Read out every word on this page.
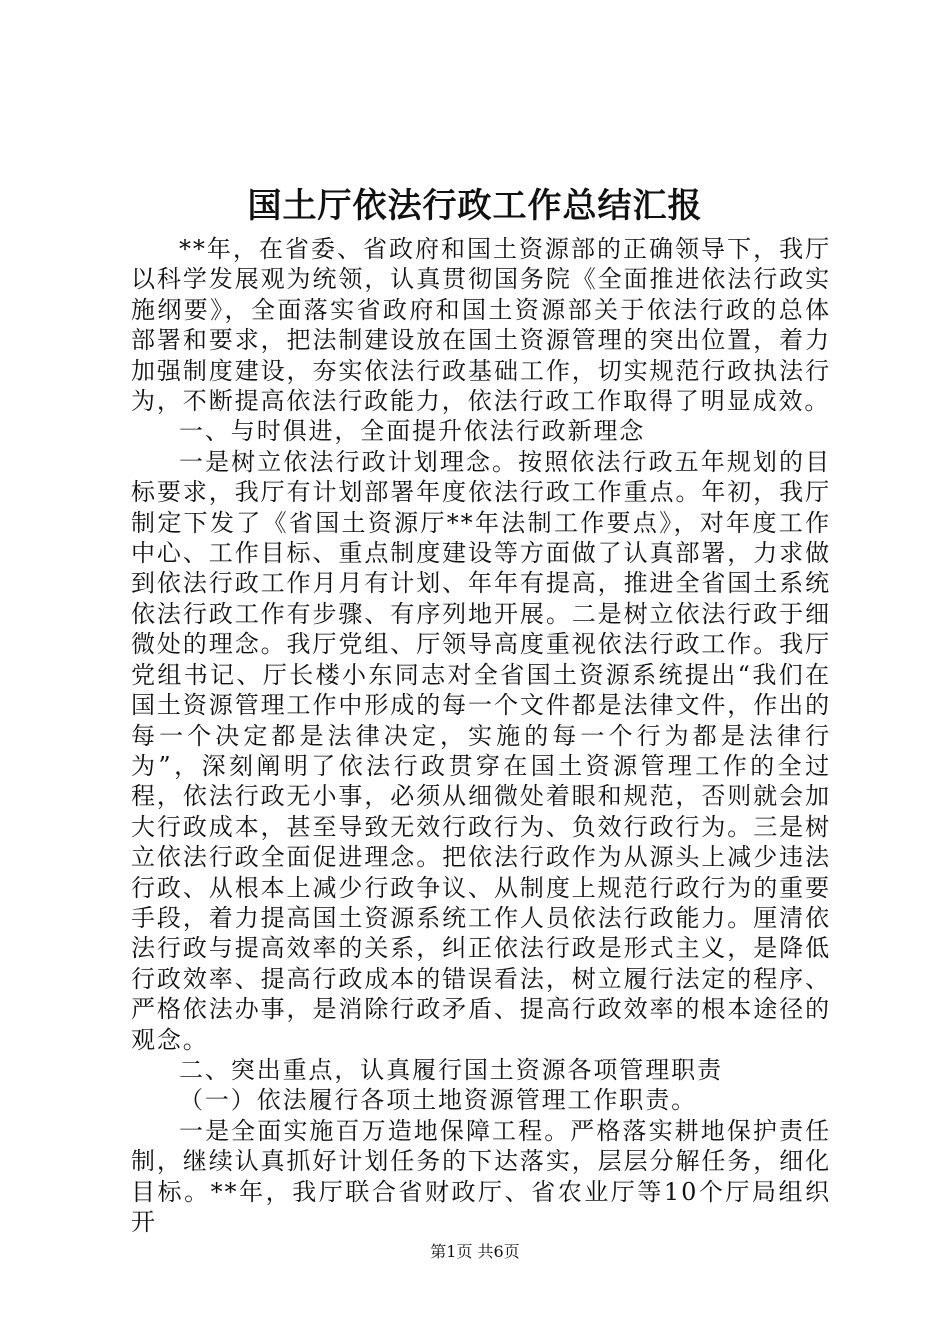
国土厅依法行政工作总结汇报

**年，在省委、省政府和国土资源部的正确领导下，我厅以科学发展观为统领，认真贯彻国务院《全面推进依法行政实施纲要》，全面落实省政府和国土资源部关于依法行政的总体部署和要求，把法制建设放在国土资源管理的突出位置，着力加强制度建设，夯实依法行政基础工作，切实规范行政执法行为，不断提高依法行政能力，依法行政工作取得了明显成效。

一、与时俱进，全面提升依法行政新理念

一是树立依法行政计划理念。按照依法行政五年规划的目标要求，我厅有计划部署年度依法行政工作重点。年初，我厅制定下发了《省国土资源厅**年法制工作要点》，对年度工作中心、工作目标、重点制度建设等方面做了认真部署，力求做到依法行政工作月月有计划、年年有提高，推进全省国土系统依法行政工作有步骤、有序列地开展。二是树立依法行政于细微处的理念。我厅党组、厅领导高度重视依法行政工作。我厅党组书记、厅长楼小东同志对全省国土资源系统提出“我们在国土资源管理工作中形成的每一个文件都是法律文件，作出的每一个决定都是法律决定，实施的每一个行为都是法律行为”，深刻阐明了依法行政贯穿在国土资源管理工作的全过程，依法行政无小事，必须从细微处着眼和规范，否则就会加大行政成本，甚至导致无效行政行为、负效行政行为。三是树立依法行政全面促进理念。把依法行政作为从源头上减少违法行政、从根本上减少行政争议、从制度上规范行政行为的重要手段，着力提高国土资源系统工作人员依法行政能力。厘清依法行政与提高效率的关系，纠正依法行政是形式主义，是降低行政效率、提高行政成本的错误看法，树立履行法定的程序、严格依法办事，是消除行政矛盾、提高行政效率的根本途径的观念。

二、突出重点，认真履行国土资源各项管理职责

（一）依法履行各项土地资源管理工作职责。

一是全面实施百万造地保障工程。严格落实耕地保护责任制，继续认真抓好计划任务的下达落实，层层分解任务，细化目标。**年，我厅联合省财政厅、省农业厅等10个厅局组织开

第1页 共6页
